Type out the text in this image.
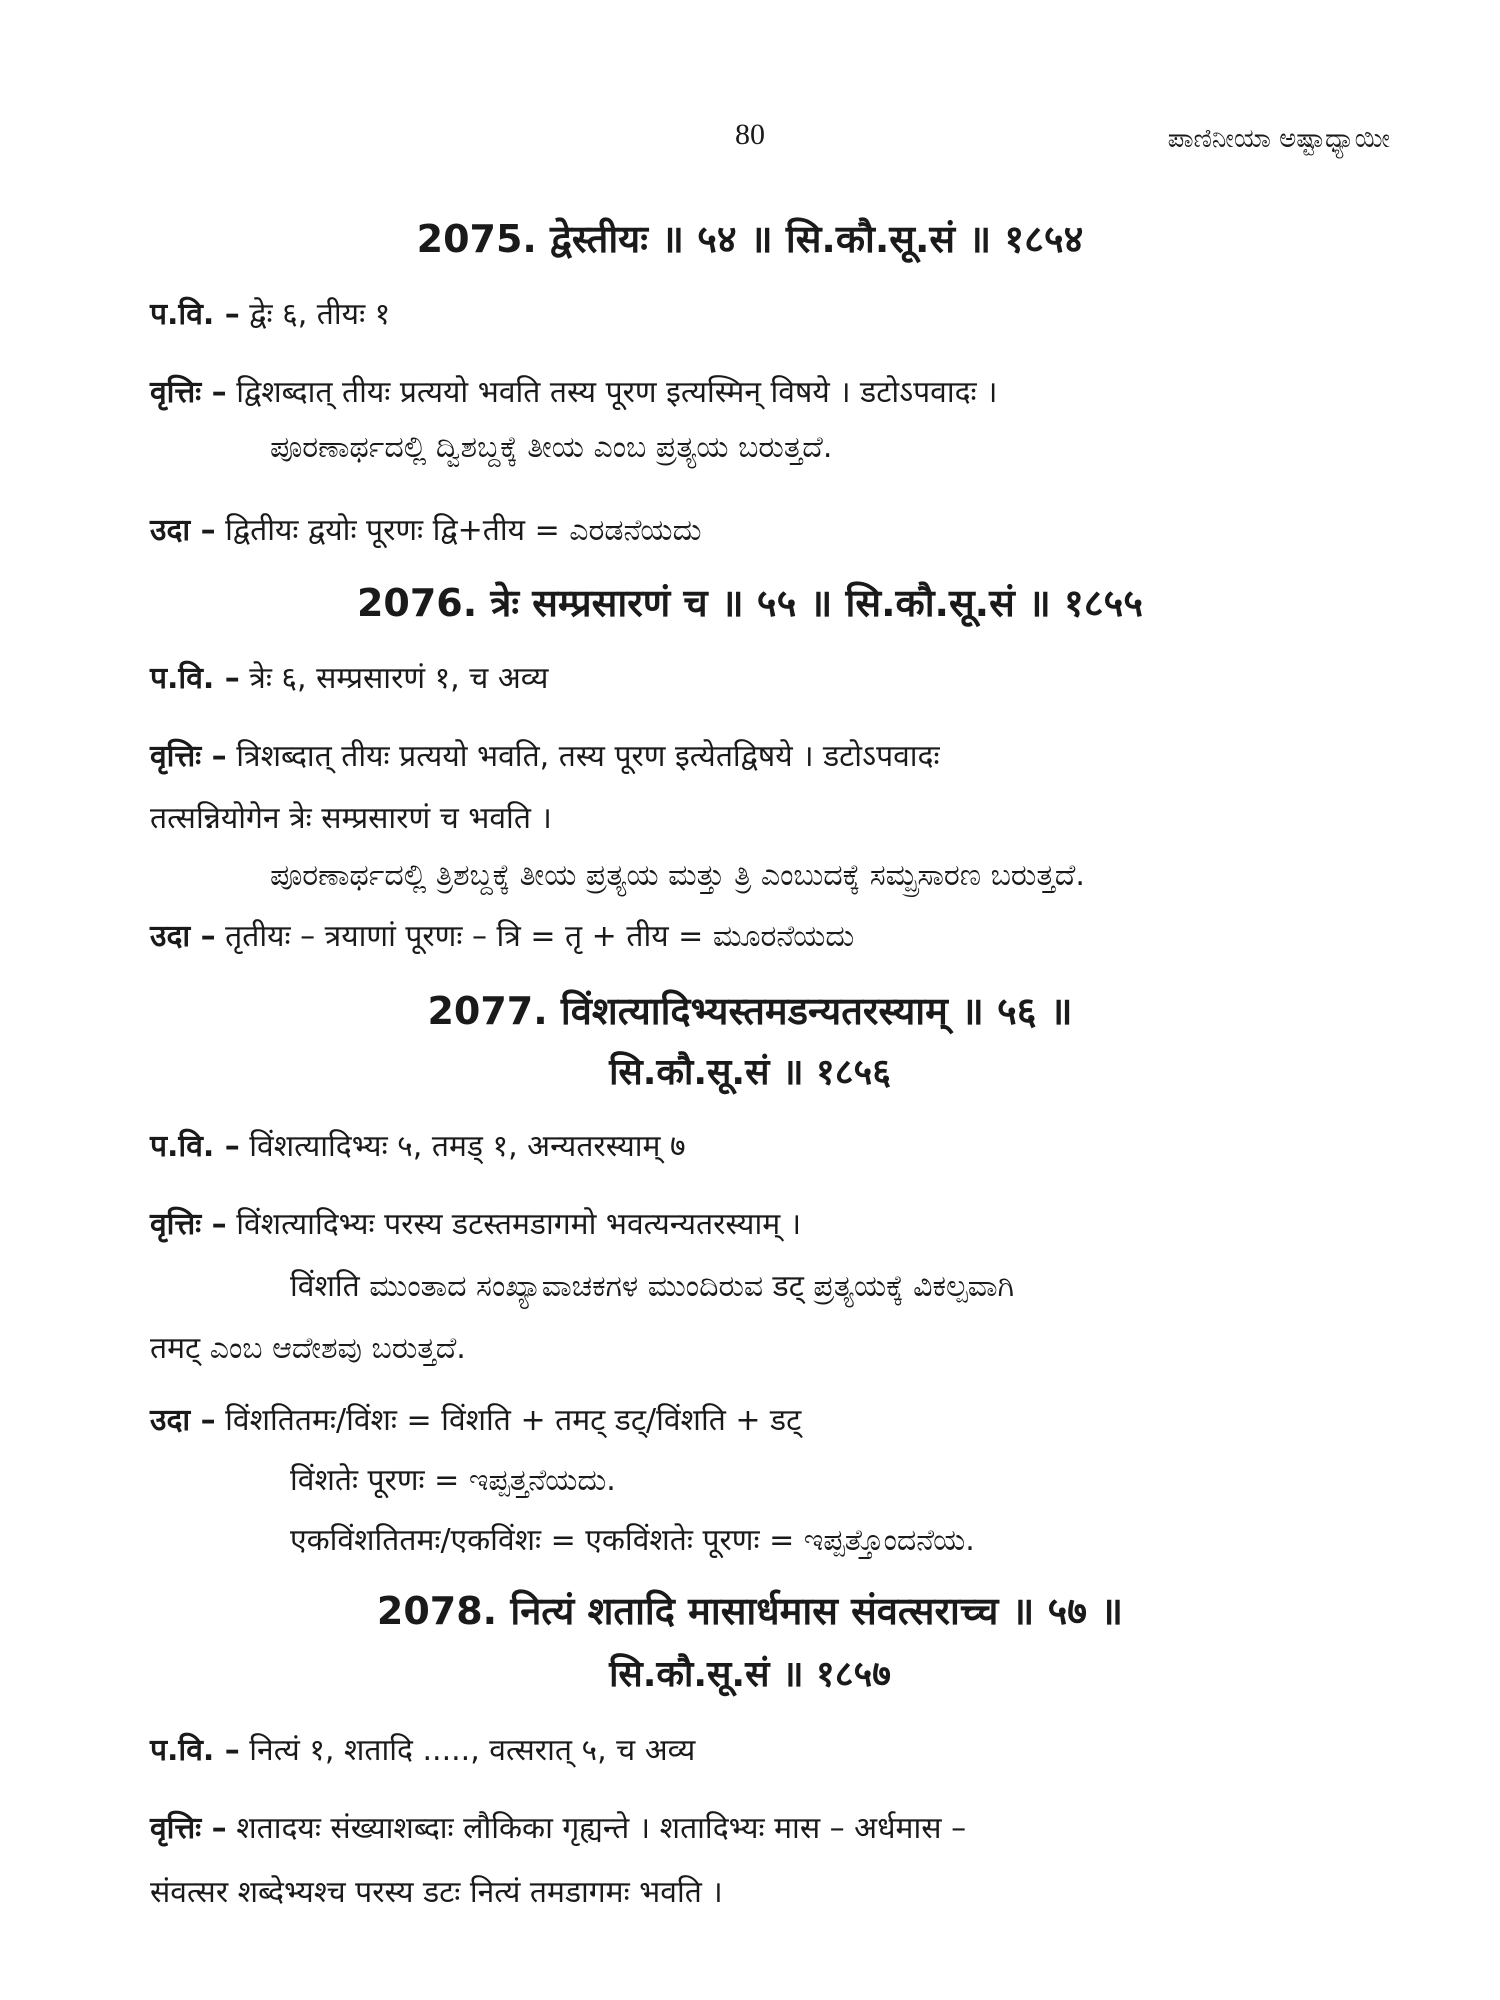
80	ಪಾಣಿನೀಯಾ ಅಷ್ಟಾಧ್ಯಾಯೀ
2075. द्वेस्तीयः ॥ ५४ ॥ सि.कौ.सू.सं ॥ १८५४
प.वि. – द्वेः ६, तीयः १
वृत्तिः – द्विशब्दात् तीयः प्रत्ययो भवति तस्य पूरण इत्यस्मिन् विषये । डटोऽपवादः ।
ಪೂರಣಾರ್ಥದಲ್ಲಿ ದ್ವಿಶಬ್ದಕ್ಕೆ ತೀಯ ಎಂಬ ಪ್ರತ್ಯಯ ಬರುತ್ತದೆ.
उदा – द्वितीयः द्वयोः पूरणः द्वि+तीय = ಎರಡನೆಯದು
2076. त्रेः सम्प्रसारणं च ॥ ५५ ॥ सि.कौ.सू.सं ॥ १८५५
प.वि. – त्रेः ६, सम्प्रसारणं १, च अव्य
वृत्तिः – त्रिशब्दात् तीयः प्रत्ययो भवति, तस्य पूरण इत्येतद्विषये । डटोऽपवादः
तत्सन्नियोगेन त्रेः सम्प्रसारणं च भवति ।
ಪೂರಣಾರ್ಥದಲ್ಲಿ ತ್ರಿಶಬ್ದಕ್ಕೆ ತೀಯ ಪ್ರತ್ಯಯ ಮತ್ತು ತ್ರಿ ಎಂಬುದಕ್ಕೆ ಸಮ್ಪ್ರಸಾರಣ ಬರುತ್ತದೆ.
उदा – तृतीयः – त्रयाणां पूरणः – त्रि = तृ + तीय = ಮೂರನೆಯದು
2077. विंशत्यादिभ्यस्तमडन्यतरस्याम् ॥ ५६ ॥
सि.कौ.सू.सं ॥ १८५६
प.वि. – विंशत्यादिभ्यः ५, तमड् १, अन्यतरस्याम् ७
वृत्तिः – विंशत्यादिभ्यः परस्य डटस्तमडागमो भवत्यन्यतरस्याम् ।
विंशति ಮುಂತಾದ ಸಂಖ್ಯಾವಾಚಕಗಳ ಮುಂದಿರುವ डट् ಪ್ರತ್ಯಯಕ್ಕೆ ವಿಕಲ್ಪವಾಗಿ
तमट् ಎಂಬ ಆದೇಶವು ಬರುತ್ತದೆ.
उदा – विंशतितमः/विंशः = विंशति + तमट् डट्/विंशति + डट्
विंशतेः पूरणः = ಇಪ್ಪತ್ತನೆಯದು.
एकविंशतितमः/एकविंशः = एकविंशतेः पूरणः = ಇಪ್ಪತ್ತೊಂದನೆಯ.
2078. नित्यं शतादि मासार्धमास संवत्सराच्च ॥ ५७ ॥
सि.कौ.सू.सं ॥ १८५७
प.वि. – नित्यं १, शतादि ....., वत्सरात् ५, च अव्य
वृत्तिः – शतादयः संख्याशब्दाः लौकिका गृह्यन्ते । शतादिभ्यः मास – अर्धमास –
संवत्सर शब्देभ्यश्च परस्य डटः नित्यं तमडागमः भवति ।
